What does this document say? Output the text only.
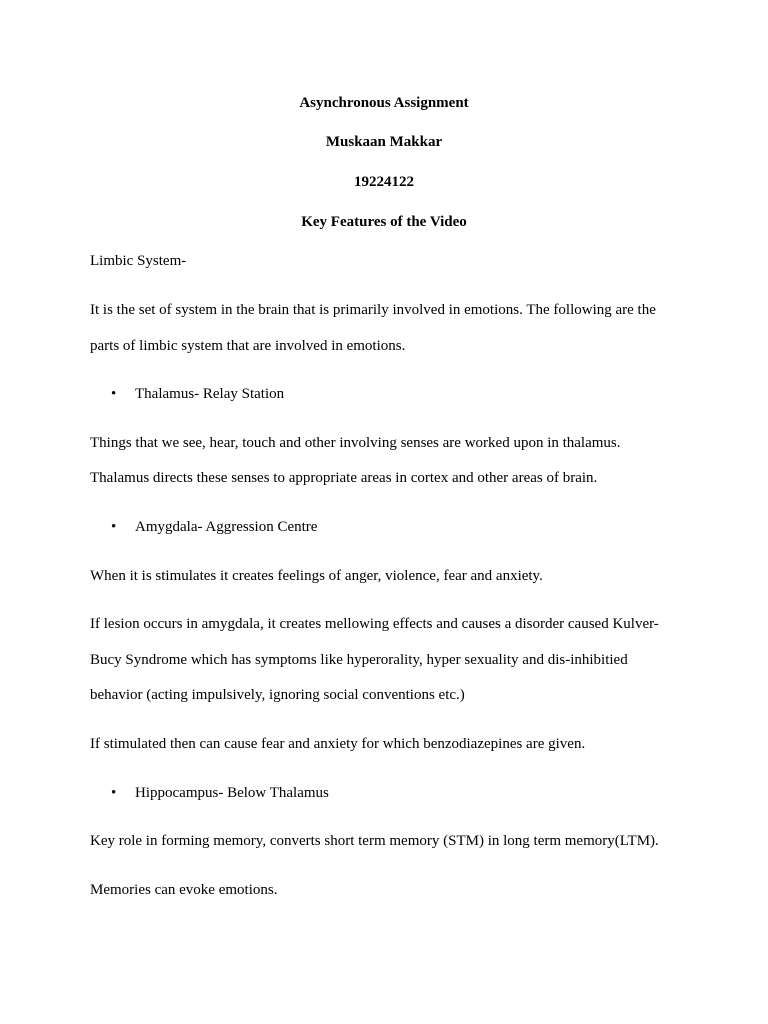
Asynchronous Assignment
Muskaan Makkar
19224122
Key Features of the Video
Limbic System-
It is the set of system in the brain that is primarily involved in emotions. The following are the
parts of limbic system that are involved in emotions.
• Thalamus- Relay Station
Things that we see, hear, touch and other involving senses are worked upon in thalamus.
Thalamus directs these senses to appropriate areas in cortex and other areas of brain.
• Amygdala- Aggression Centre
When it is stimulates it creates feelings of anger, violence, fear and anxiety.
If lesion occurs in amygdala, it creates mellowing effects and causes a disorder caused Kulver-
Bucy Syndrome which has symptoms like hyperorality, hyper sexuality and dis-inhibitied
behavior (acting impulsively, ignoring social conventions etc.)
If stimulated then can cause fear and anxiety for which benzodiazepines are given.
• Hippocampus- Below Thalamus
Key role in forming memory, converts short term memory (STM) in long term memory(LTM).
Memories can evoke emotions.
